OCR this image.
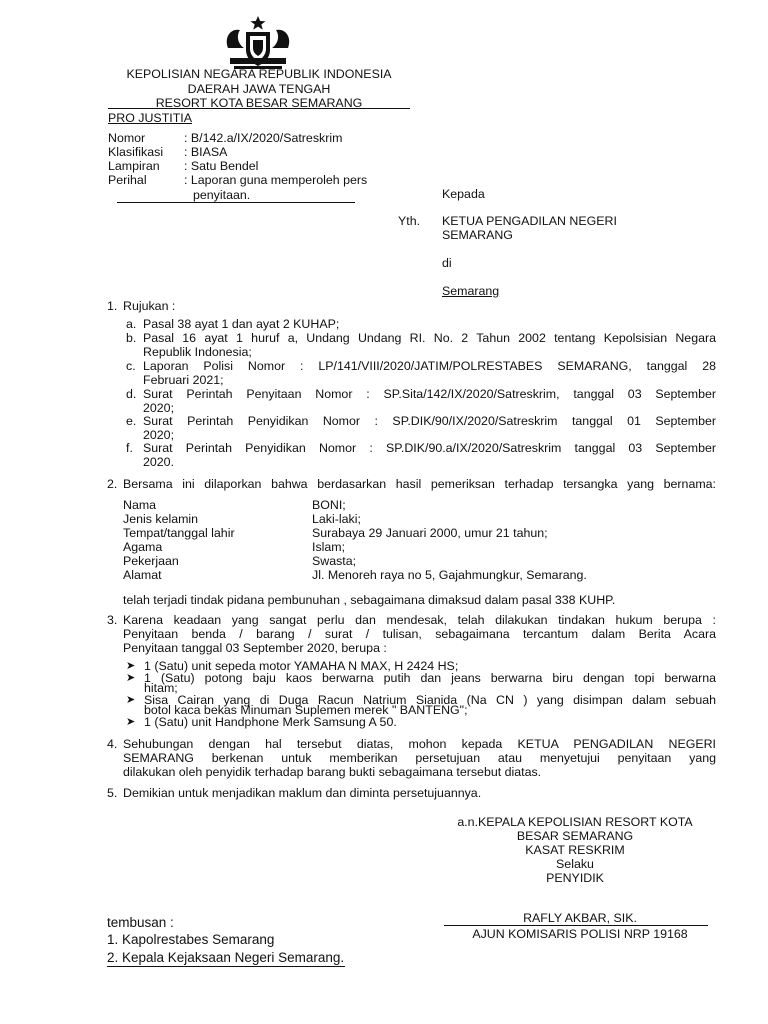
KEPOLISIAN NEGARA REPUBLIK INDONESIA
DAERAH JAWA TENGAH
RESORT KOTA BESAR SEMARANG
PRO JUSTITIA
Nomor	: B/142.a/IX/2020/Satreskrim
Klasifikasi : BIASA
Lampiran : Satu Bendel
Perihal	: Laporan guna memperoleh pers
penyitaan.	Kepada
Yth. KETUA PENGADILAN NEGERI
SEMARANG
di
Semarang
1. Rujukan :
a. Pasal 38 ayat 1 dan ayat 2 KUHAP;
b. Pasal 16 ayat 1 huruf a, Undang Undang RI. No. 2 Tahun 2002 tentang Kepolsisian Negara
Republik Indonesia;
c. Laporan Polisi Nomor : LP/141/VIII/2020/JATIM/POLRESTABES SEMARANG, tanggal 28
Februari 2021;
d. Surat Perintah Penyitaan Nomor : SP.Sita/142/IX/2020/Satreskrim, tanggal 03 September
2020;
e. Surat Perintah Penyidikan Nomor : SP.DIK/90/IX/2020/Satreskrim tanggal 01 September
2020;
f. Surat Perintah Penyidikan Nomor : SP.DIK/90.a/IX/2020/Satreskrim tanggal 03 September
2020.
2. Bersama ini dilaporkan bahwa berdasarkan hasil pemeriksan terhadap tersangka yang bernama:
Nama	BONI;
Jenis kelamin	Laki-laki;
Tempat/tanggal lahir	Surabaya 29 Januari 2000, umur 21 tahun;
Agama	Islam;
Pekerjaan	Swasta;
Alamat	Jl. Menoreh raya no 5, Gajahmungkur, Semarang.
telah terjadi tindak pidana pembunuhan , sebagaimana dimaksud dalam pasal 338 KUHP.
3. Karena keadaan yang sangat perlu dan mendesak, telah dilakukan tindakan hukum berupa :
Penyitaan benda / barang / surat / tulisan, sebagaimana tercantum dalam Berita Acara
Penyitaan tanggal 03 September 2020, berupa :
➤ 1 (Satu) unit sepeda motor YAMAHA N MAX, H 2424 HS;
➤ 1 (Satu) potong baju kaos berwarna putih dan jeans berwarna biru dengan topi berwarna
hitam;
➤ Sisa Cairan yang di Duga Racun Natrium Sianida (Na CN ) yang disimpan dalam sebuah
botol kaca bekas Minuman Suplemen merek " BANTENG";
➤ 1 (Satu) unit Handphone Merk Samsung A 50.
4. Sehubungan dengan hal tersebut diatas, mohon kepada KETUA PENGADILAN NEGERI
SEMARANG berkenan untuk memberikan persetujuan atau menyetujui penyitaan yang
dilakukan oleh penyidik terhadap barang bukti sebagaimana tersebut diatas.
5. Demikian untuk menjadikan maklum dan diminta persetujuannya.
a.n.KEPALA KEPOLISIAN RESORT KOTA
BESAR SEMARANG
KASAT RESKRIM
Selaku
PENYIDIK
RAFLY AKBAR, SIK.
AJUN KOMISARIS POLISI NRP 19168
tembusan :
1. Kapolrestabes Semarang
2. Kepala Kejaksaan Negeri Semarang.
